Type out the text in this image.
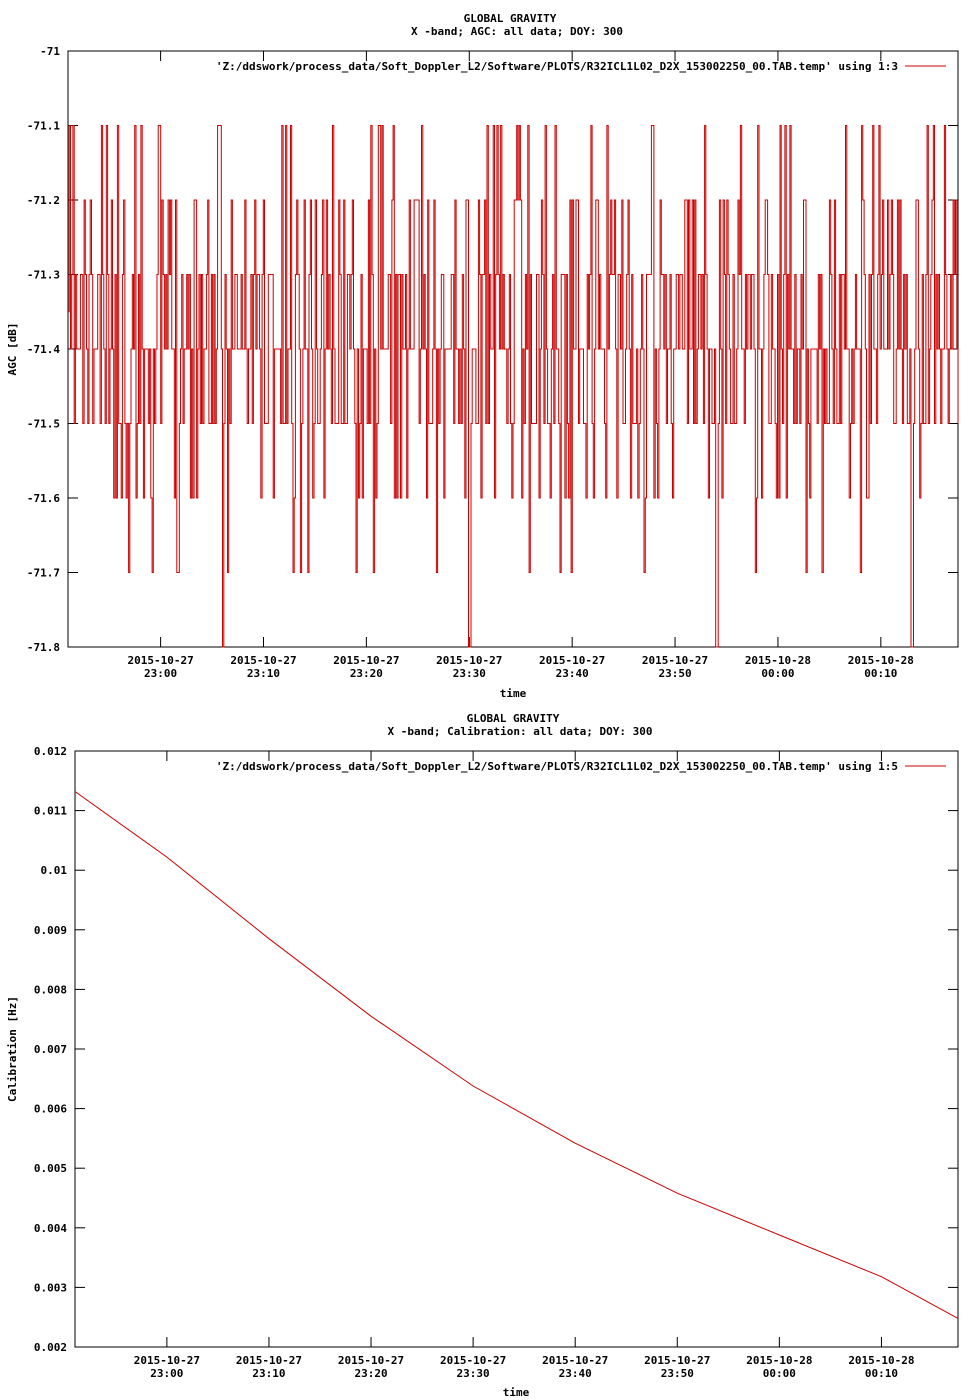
GLOBAL GRAVITY
X -band; AGC: all data; DOY: 300
-71
-71.1
-71.2
-71.3
-71.4
-71.5
-71.6
-71.7
-71.8
2015-10-27
23:00
2015-10-27
23:10
2015-10-27
23:20
2015-10-27
23:30
2015-10-27
23:40
2015-10-27
23:50
2015-10-28
00:00
2015-10-28
00:10
AGC [dB]
time
'Z:/ddswork/process_data/Soft_Doppler_L2/Software/PLOTS/R32ICL1L02_D2X_153002250_00.TAB.temp' using 1:3
GLOBAL GRAVITY
X -band; Calibration: all data; DOY: 300
0.012
0.011
0.01
0.009
0.008
0.007
0.006
0.005
0.004
0.003
0.002
2015-10-27
23:00
2015-10-27
23:10
2015-10-27
23:20
2015-10-27
23:30
2015-10-27
23:40
2015-10-27
23:50
2015-10-28
00:00
2015-10-28
00:10
Calibration [Hz]
time
'Z:/ddswork/process_data/Soft_Doppler_L2/Software/PLOTS/R32ICL1L02_D2X_153002250_00.TAB.temp' using 1:5
